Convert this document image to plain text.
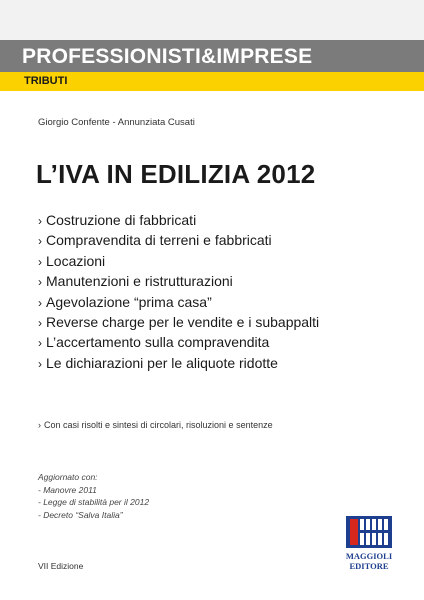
PROFESSIONISTI&IMPRESE
TRIBUTI
Giorgio Confente - Annunziata Cusati
L’IVA IN EDILIZIA 2012
› Costruzione di fabbricati
› Compravendita di terreni e fabbricati
› Locazioni
› Manutenzioni e ristrutturazioni
› Agevolazione “prima casa”
› Reverse charge per le vendite e i subappalti
› L’accertamento sulla compravendita
› Le dichiarazioni per le aliquote ridotte
› Con casi risolti e sintesi di circolari, risoluzioni e sentenze
Aggiornato con:
- Manovre 2011
- Legge di stabilità per il 2012
- Decreto “Salva Italia”
VII Edizione
MAGGIOLI
EDITORE
